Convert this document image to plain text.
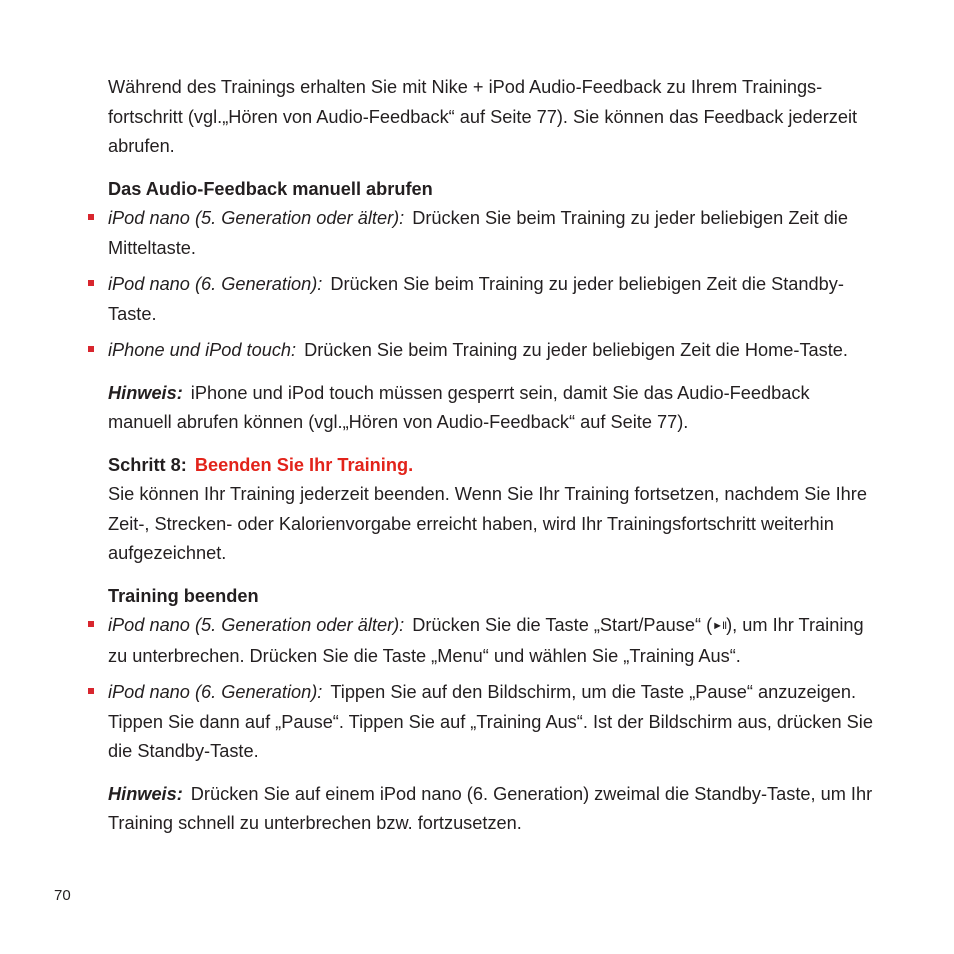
Während des Trainings erhalten Sie mit Nike + iPod Audio-Feedback zu Ihrem Trainingsfortschritt (vgl.„Hören von Audio-Feedback“ auf Seite 77). Sie können das Feedback jederzeit abrufen.

Das Audio-Feedback manuell abrufen

iPod nano (5. Generation oder älter): Drücken Sie beim Training zu jeder beliebigen Zeit die Mitteltaste.
iPod nano (6. Generation): Drücken Sie beim Training zu jeder beliebigen Zeit die Standby-Taste.
iPhone und iPod touch: Drücken Sie beim Training zu jeder beliebigen Zeit die Home-Taste.

Hinweis: iPhone und iPod touch müssen gesperrt sein, damit Sie das Audio-Feedback manuell abrufen können (vgl.„Hören von Audio-Feedback“ auf Seite 77).

Schritt 8: Beenden Sie Ihr Training.

Sie können Ihr Training jederzeit beenden. Wenn Sie Ihr Training fortsetzen, nachdem Sie Ihre Zeit-, Strecken- oder Kalorienvorgabe erreicht haben, wird Ihr Trainingsfortschritt weiterhin aufgezeichnet.

Training beenden

iPod nano (5. Generation oder älter): Drücken Sie die Taste „Start/Pause“ (►II), um Ihr Training zu unterbrechen. Drücken Sie die Taste „Menu“ und wählen Sie „Training Aus“.
iPod nano (6. Generation): Tippen Sie auf den Bildschirm, um die Taste „Pause“ anzuzeigen. Tippen Sie dann auf „Pause“. Tippen Sie auf „Training Aus“. Ist der Bildschirm aus, drücken Sie die Standby-Taste.

Hinweis: Drücken Sie auf einem iPod nano (6. Generation) zweimal die Standby-Taste, um Ihr Training schnell zu unterbrechen bzw. fortzusetzen.

70
